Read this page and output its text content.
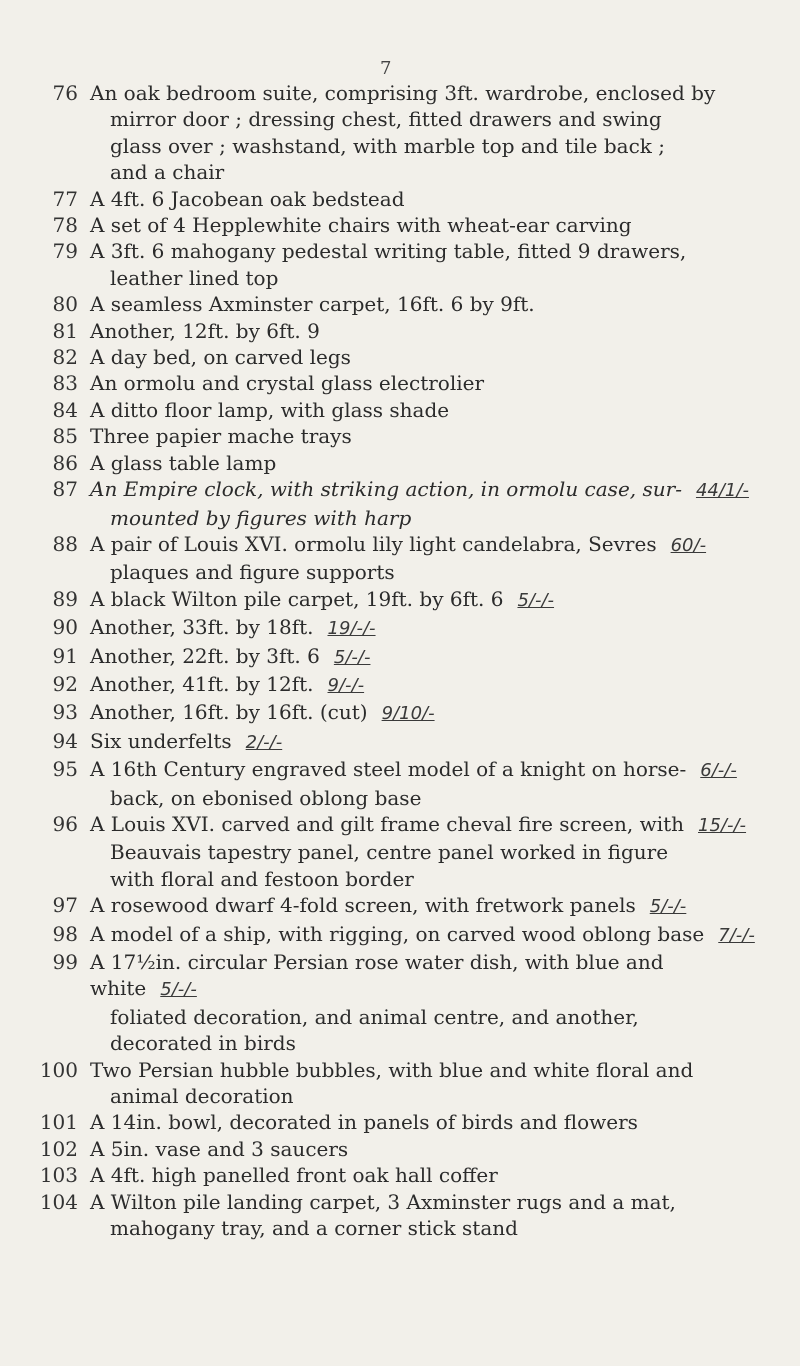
7
76 An oak bedroom suite, comprising 3ft. wardrobe, enclosed by
mirror door ; dressing chest, fitted drawers and swing
glass over ; washstand, with marble top and tile back ;
and a chair
77 A 4ft. 6 Jacobean oak bedstead
78 A set of 4 Hepplewhite chairs with wheat-ear carving
79 A 3ft. 6 mahogany pedestal writing table, fitted 9 drawers,
leather lined top
80 A seamless Axminster carpet, 16ft. 6 by 9ft.
81 Another, 12ft. by 6ft. 9
82 A day bed, on carved legs
83 An ormolu and crystal glass electrolier
84 A ditto floor lamp, with glass shade
85 Three papier mache trays
86 A glass table lamp
87 An Empire clock, with striking action, in ormolu case, sur- 44/1/-
mounted by figures with harp
88 A pair of Louis XVI. ormolu lily light candelabra, Sevres 60/-
plaques and figure supports
89 A black Wilton pile carpet, 19ft. by 6ft. 6 5/-/-
90 Another, 33ft. by 18ft. 19/-/-
91 Another, 22ft. by 3ft. 6 5/-/-
92 Another, 41ft. by 12ft. 9/-/-
93 Another, 16ft. by 16ft. (cut) 9/10/-
94 Six underfelts 2/-/-
95 A 16th Century engraved steel model of a knight on horse- 6/-/-
back, on ebonised oblong base
96 A Louis XVI. carved and gilt frame cheval fire screen, with 15/-/-
Beauvais tapestry panel, centre panel worked in figure
with floral and festoon border
97 A rosewood dwarf 4-fold screen, with fretwork panels 5/-/-
98 A model of a ship, with rigging, on carved wood oblong base 7/-/-
99 A 17½in. circular Persian rose water dish, with blue and white 5/-/-
foliated decoration, and animal centre, and another,
decorated in birds
100 Two Persian hubble bubbles, with blue and white floral and
animal decoration
101 A 14in. bowl, decorated in panels of birds and flowers
102 A 5in. vase and 3 saucers
103 A 4ft. high panelled front oak hall coffer
104 A Wilton pile landing carpet, 3 Axminster rugs and a mat,
mahogany tray, and a corner stick stand
